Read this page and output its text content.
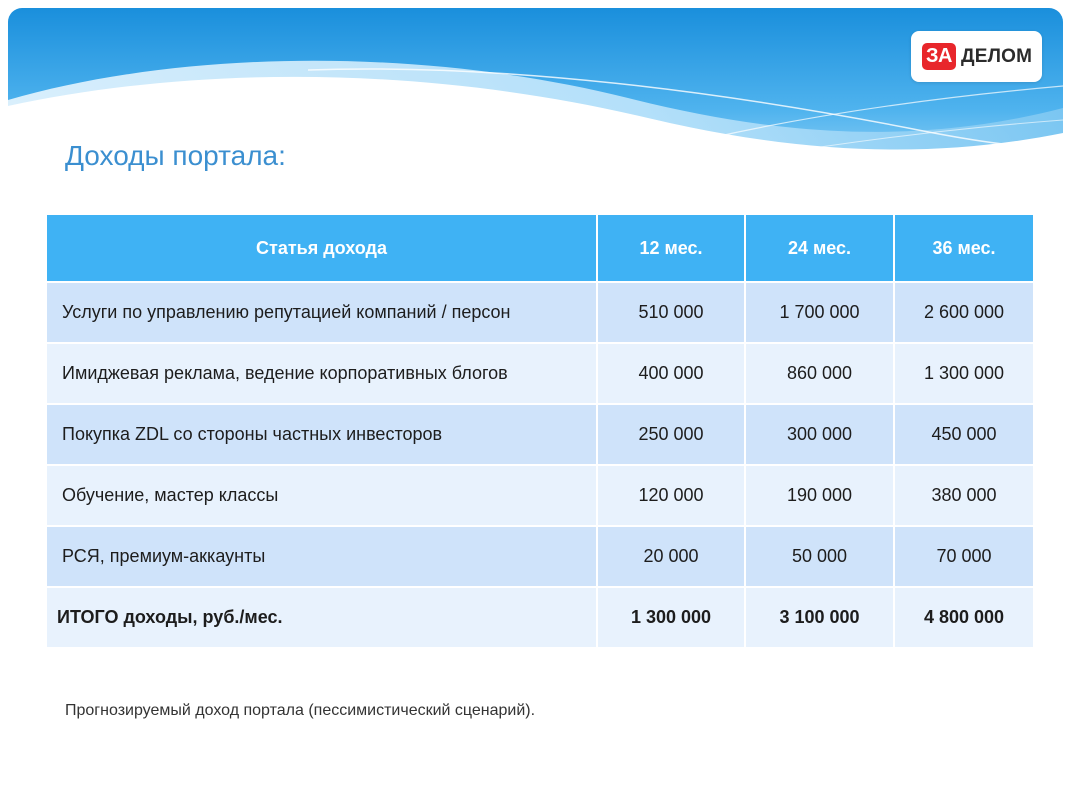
ЗА ДЕЛОМ
Доходы портала:
Статья дохода	12 мес.	24 мес.	36 мес.
Услуги по управлению репутацией компаний / персон	510 000	1 700 000	2 600 000
Имиджевая реклама, ведение корпоративных блогов	400 000	860 000	1 300 000
Покупка ZDL со стороны частных инвесторов	250 000	300 000	450 000
Обучение, мастер классы	120 000	190 000	380 000
РСЯ, премиум-аккаунты	20 000	50 000	70 000
ИТОГО доходы, руб./мес.	1 300 000	3 100 000	4 800 000

Прогнозируемый доход портала (пессимистический сценарий).
